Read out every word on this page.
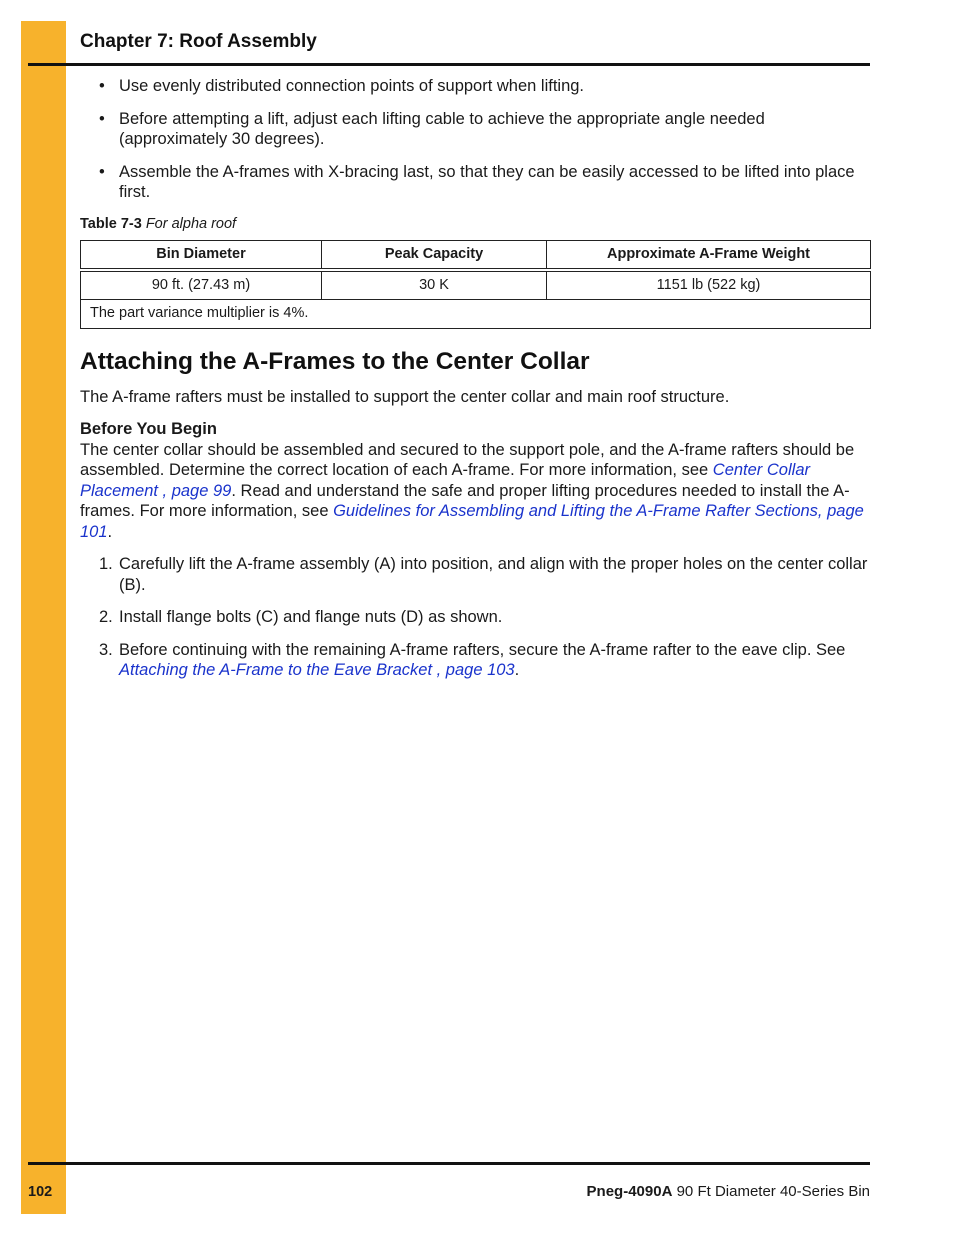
Chapter 7: Roof Assembly
• Use evenly distributed connection points of support when lifting.
• Before attempting a lift, adjust each lifting cable to achieve the appropriate angle needed (approximately 30 degrees).
• Assemble the A-frames with X-bracing last, so that they can be easily accessed to be lifted into place first.
Table 7-3 For alpha roof
Bin Diameter	Peak Capacity	Approximate A-Frame Weight
90 ft. (27.43 m)	30 K	1151 lb (522 kg)
The part variance multiplier is 4%.		
Attaching the A-Frames to the Center Collar

The A-frame rafters must be installed to support the center collar and main roof structure.

Before You Begin

The center collar should be assembled and secured to the support pole, and the A-frame rafters should be assembled. Determine the correct location of each A-frame. For more information, see Center Collar Placement , page 99. Read and understand the safe and proper lifting procedures needed to install the A-frames. For more information, see Guidelines for Assembling and Lifting the A-Frame Rafter Sections, page 101.

1. Carefully lift the A-frame assembly (A) into position, and align with the proper holes on the center collar (B).
2. Install flange bolts (C) and flange nuts (D) as shown.
3. Before continuing with the remaining A-frame rafters, secure the A-frame rafter to the eave clip. See Attaching the A-Frame to the Eave Bracket , page 103.
102	Pneg-4090A 90 Ft Diameter 40-Series Bin
